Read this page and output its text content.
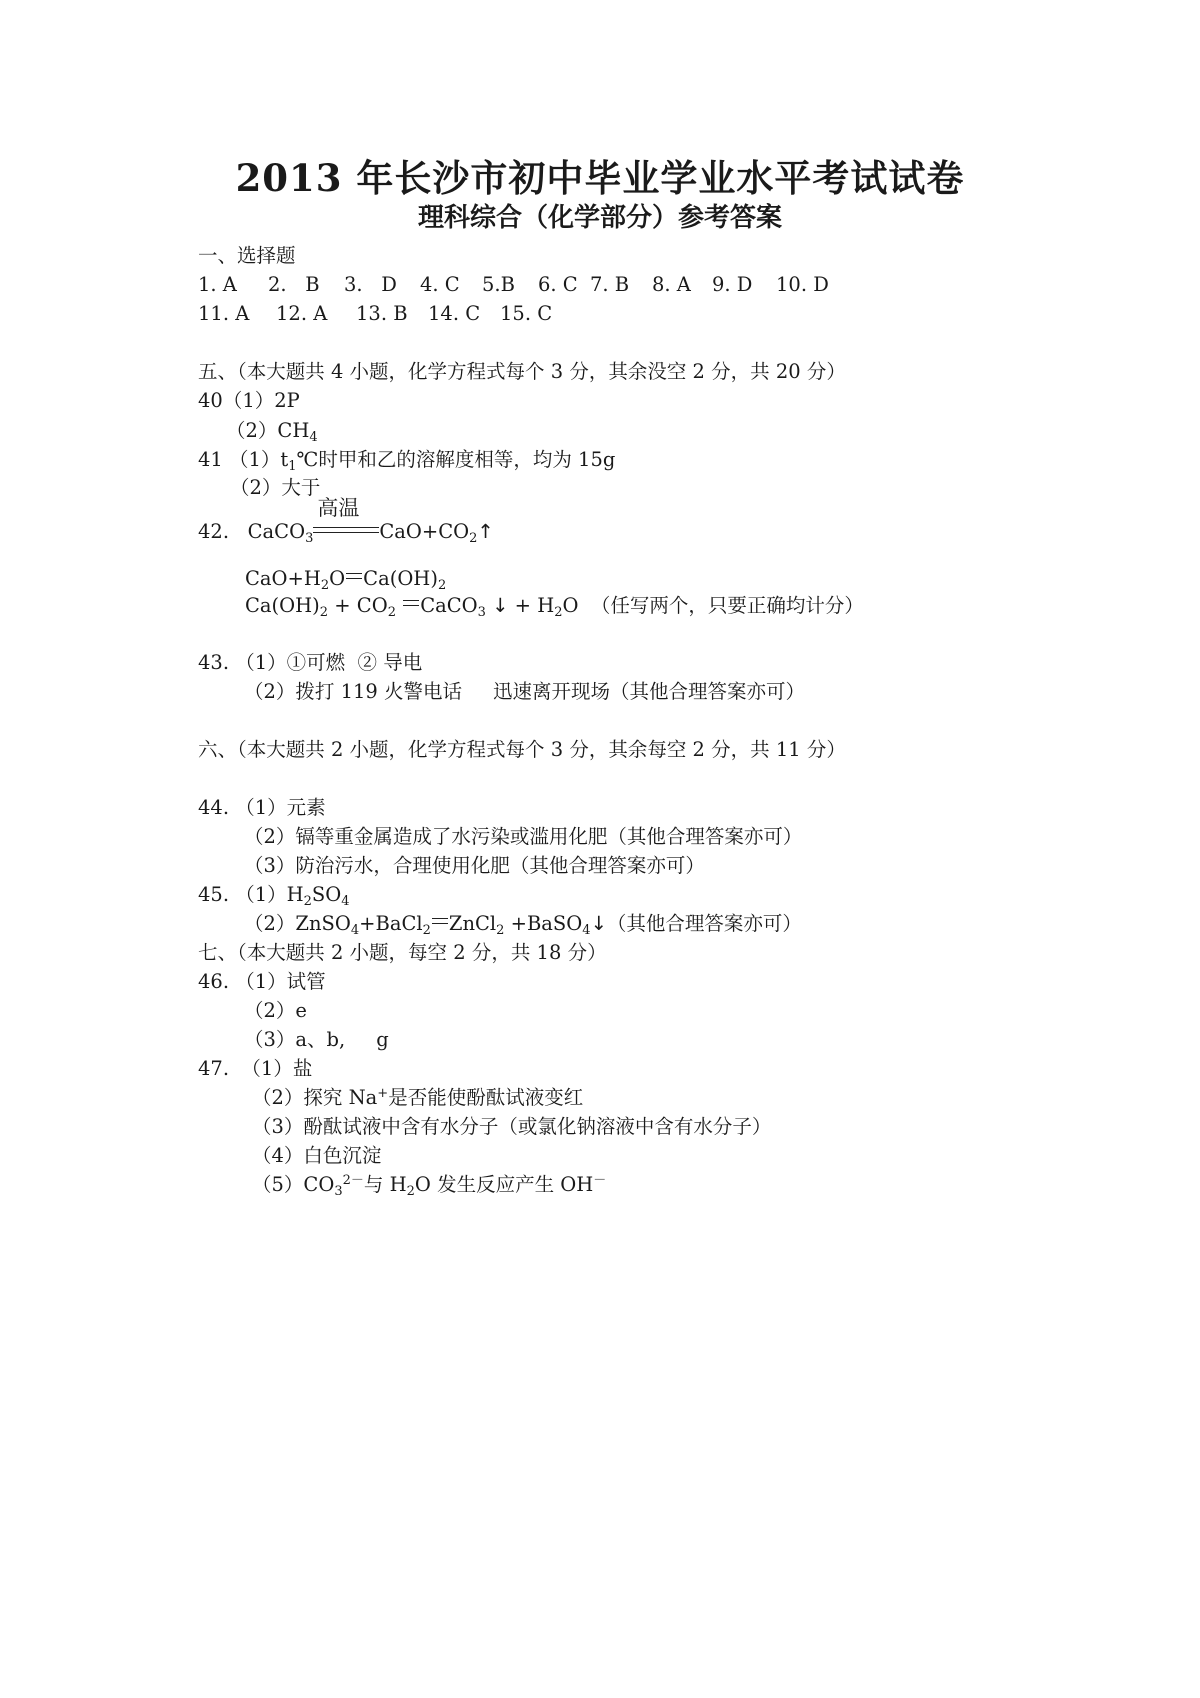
2013 年长沙市初中毕业学业水平考试试卷
理科综合（化学部分）参考答案
一、选择题
1. A 2.   B 3.   D 4. C 5.B 6. C 7. B 8. A 9. D 10. D
11. A 12. A 13. B 14. C 15. C
五、（本大题共 4 小题，化学方程式每个 3 分，其余没空 2 分，共 20 分）
40（1）2P
$(2)CH_4$
41 $(1)t_1℃$时甲和乙的溶解度相等，均为 15g
（2）大于
42.   CaCO$_3$
高温
$CaO+CO_2↑$
$CaO+H_2O$ $Ca(OH)_2$
$Ca(OH)_2 + CO_2$ CaCO$_3$ ↓ + $H_2O$  （任写两个，只要正确均计分）
43. （1）①可燃  ② 导电
（2）拨打 119 火警电话     迅速离开现场（其他合理答案亦可）
六、（本大题共 2 小题，化学方程式每个 3 分，其余每空 2 分，共 11 分）
44. （1）元素
（2）镉等重金属造成了水污染或滥用化肥（其他合理答案亦可）
（3）防治污水，合理使用化肥（其他合理答案亦可）
45. $(1)H_2SO_4$
（2）ZnSO$_4$+BaCl$_2$ ZnCl$_2$ +BaSO$_4$↓（其他合理答案亦可）
七、（本大题共 2 小题，每空 2 分，共 18 分）
46. （1）试管
（2）e
（3）a、b,     g
47.  （1）盐
（2）探究 Na+是否能使酚酞试液变红
（3）酚酞试液中含有水分子（或氯化钠溶液中含有水分子）
（4）白色沉淀
$(5)CO_3^{2-}$与 $H_2O$ 发生反应产生 OH－
